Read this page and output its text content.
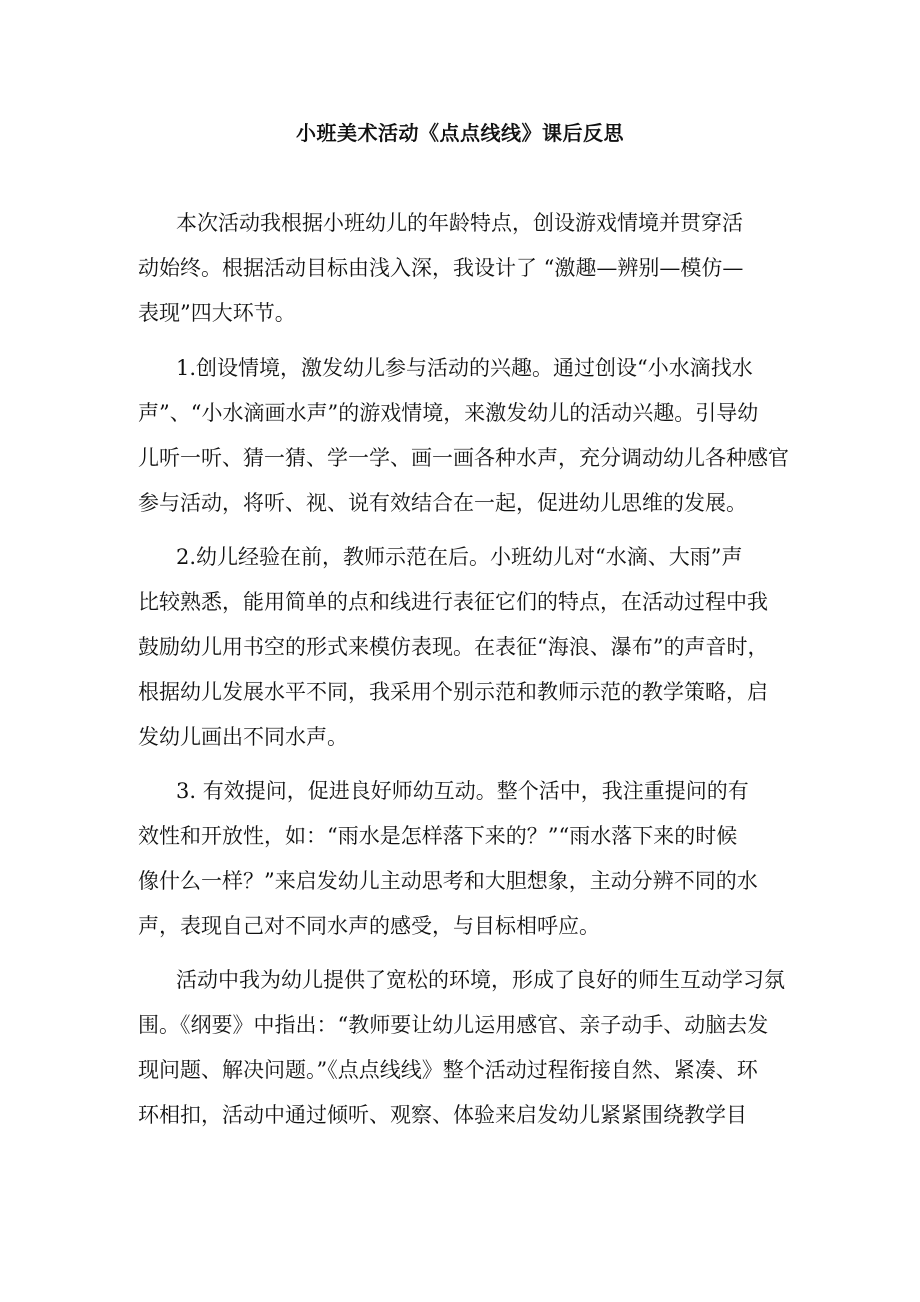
小班美术活动《点点线线》课后反思
本次活动我根据小班幼儿的年龄特点，创设游戏情境并贯穿活
动始终。根据活动目标由浅入深，我设计了 “激趣—辨别—模仿—
表现”四大环节。
1.创设情境，激发幼儿参与活动的兴趣。通过创设“小水滴找水
声”、“小水滴画水声”的游戏情境，来激发幼儿的活动兴趣。引导幼
儿听一听、猜一猜、学一学、画一画各种水声，充分调动幼儿各种感官
参与活动，将听、视、说有效结合在一起，促进幼儿思维的发展。
2.幼儿经验在前，教师示范在后。小班幼儿对“水滴、大雨”声
比较熟悉，能用简单的点和线进行表征它们的特点，在活动过程中我
鼓励幼儿用书空的形式来模仿表现。在表征“海浪、瀑布”的声音时，
根据幼儿发展水平不同，我采用个别示范和教师示范的教学策略，启
发幼儿画出不同水声。
3. 有效提问，促进良好师幼互动。整个活中，我注重提问的有
效性和开放性，如：“雨水是怎样落下来的？”“雨水落下来的时候
像什么一样？”来启发幼儿主动思考和大胆想象，主动分辨不同的水
声，表现自己对不同水声的感受，与目标相呼应。
活动中我为幼儿提供了宽松的环境，形成了良好的师生互动学习氛
围。《纲要》中指出：“教师要让幼儿运用感官、亲子动手、动脑去发
现问题、解决问题。”《点点线线》整个活动过程衔接自然、紧凑、环
环相扣，活动中通过倾听、观察、体验来启发幼儿紧紧围绕教学目
